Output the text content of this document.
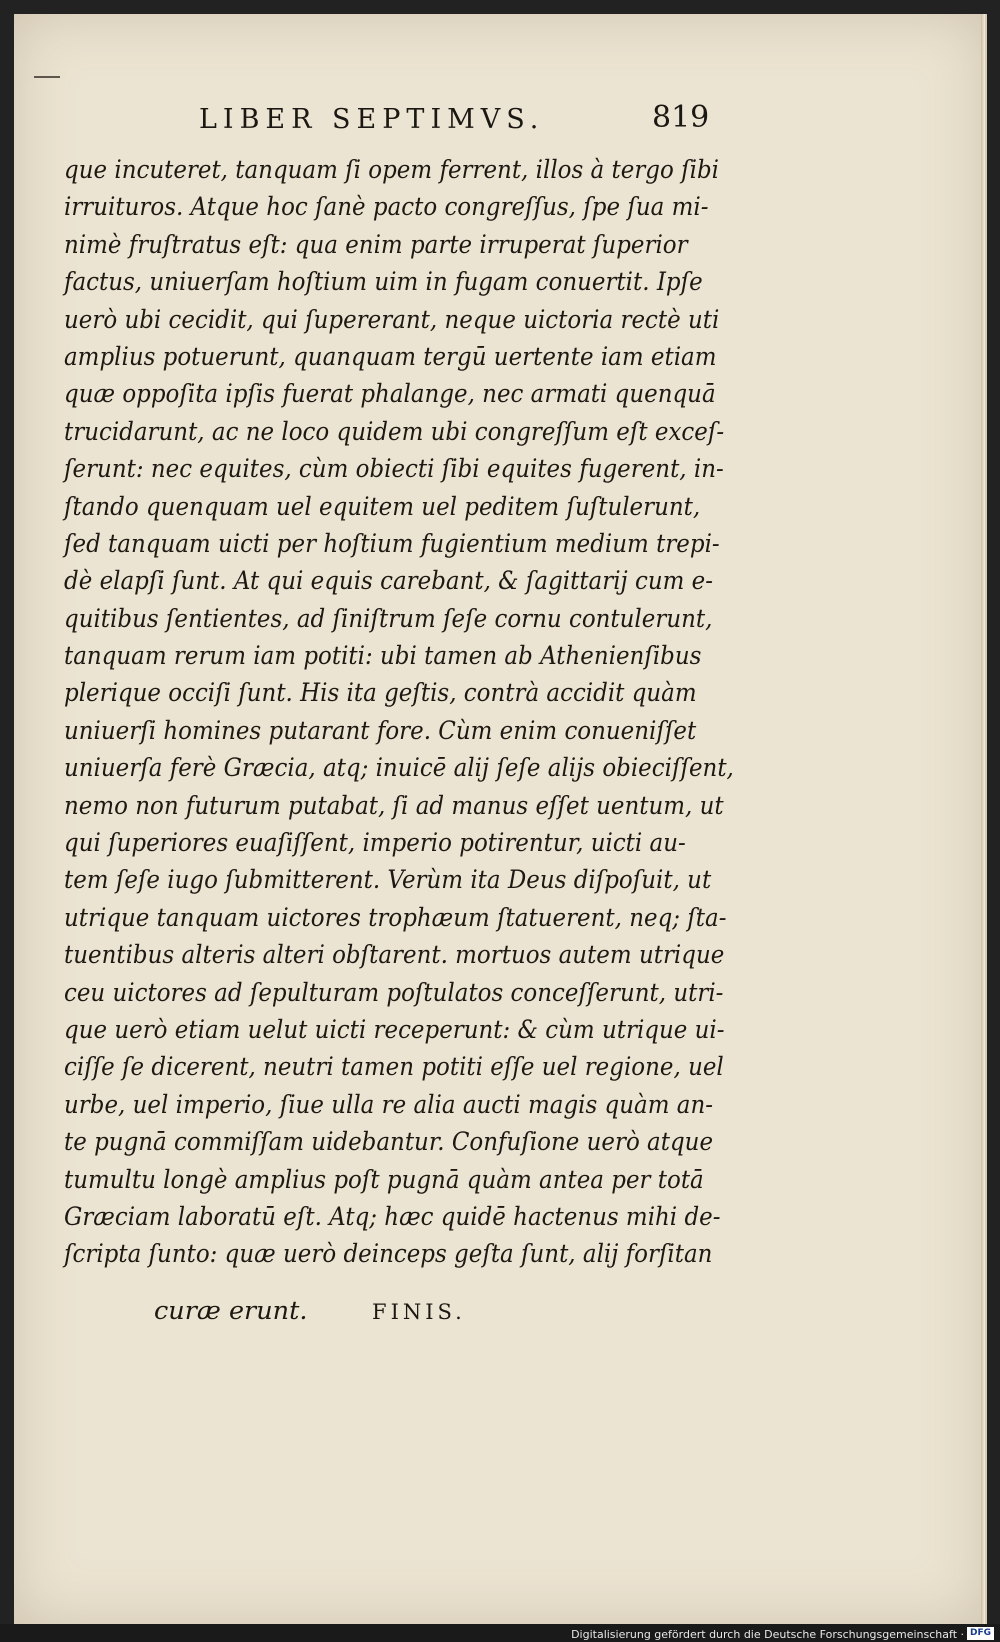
LIBER SEPTIMVS.	819
que incuteret, tanquam ſi opem ferrent, illos à tergo ſibi
irruituros. Atque hoc ſanè pacto congreſſus, ſpe ſua mi-
nimè fruſtratus eſt: qua enim parte irruperat ſuperior
factus, uniuerſam hoſtium uim in fugam conuertit. Ipſe
uerò ubi cecidit, qui ſupererant, neque uictoria rectè uti
amplius potuerunt, quanquam tergū uertente iam etiam
quæ oppoſita ipſis fuerat phalange, nec armati quenquā
trucidarunt, ac ne loco quidem ubi congreſſum eſt exceſ-
ſerunt: nec equites, cùm obiecti ſibi equites fugerent, in-
ſtando quenquam uel equitem uel peditem ſuſtulerunt,
ſed tanquam uicti per hoſtium fugientium medium trepi-
dè elapſi ſunt. At qui equis carebant, & ſagittarij cum e-
quitibus ſentientes, ad ſiniſtrum ſeſe cornu contulerunt,
tanquam rerum iam potiti: ubi tamen ab Athenienſibus
plerique occiſi ſunt. His ita geſtis, contrà accidit quàm
uniuerſi homines putarant fore. Cùm enim conueniſſet
uniuerſa ferè Græcia, atq; inuicē alij ſeſe alijs obieciſſent,
nemo non futurum putabat, ſi ad manus eſſet uentum, ut
qui ſuperiores euaſiſſent, imperio potirentur, uicti au-
tem ſeſe iugo ſubmitterent. Verùm ita Deus diſpoſuit, ut
utrique tanquam uictores trophæum ſtatuerent, neq; ſta-
tuentibus alteris alteri obſtarent. mortuos autem utrique
ceu uictores ad ſepulturam poſtulatos conceſſerunt, utri-
que uerò etiam uelut uicti receperunt: & cùm utrique ui-
ciſſe ſe dicerent, neutri tamen potiti eſſe uel regione, uel
urbe, uel imperio, ſiue ulla re alia aucti magis quàm an-
te pugnā commiſſam uidebantur. Confuſione uerò atque
tumultu longè amplius poſt pugnā quàm antea per totā
Græciam laboratū eſt. Atq; hæc quidē hactenus mihi de-
ſcripta ſunto: quæ uerò deinceps geſta ſunt, alij forſitan
curæ erunt.	FINIS.
Digitalisierung gefördert durch die Deutsche Forschungsgemeinschaft · DFG
